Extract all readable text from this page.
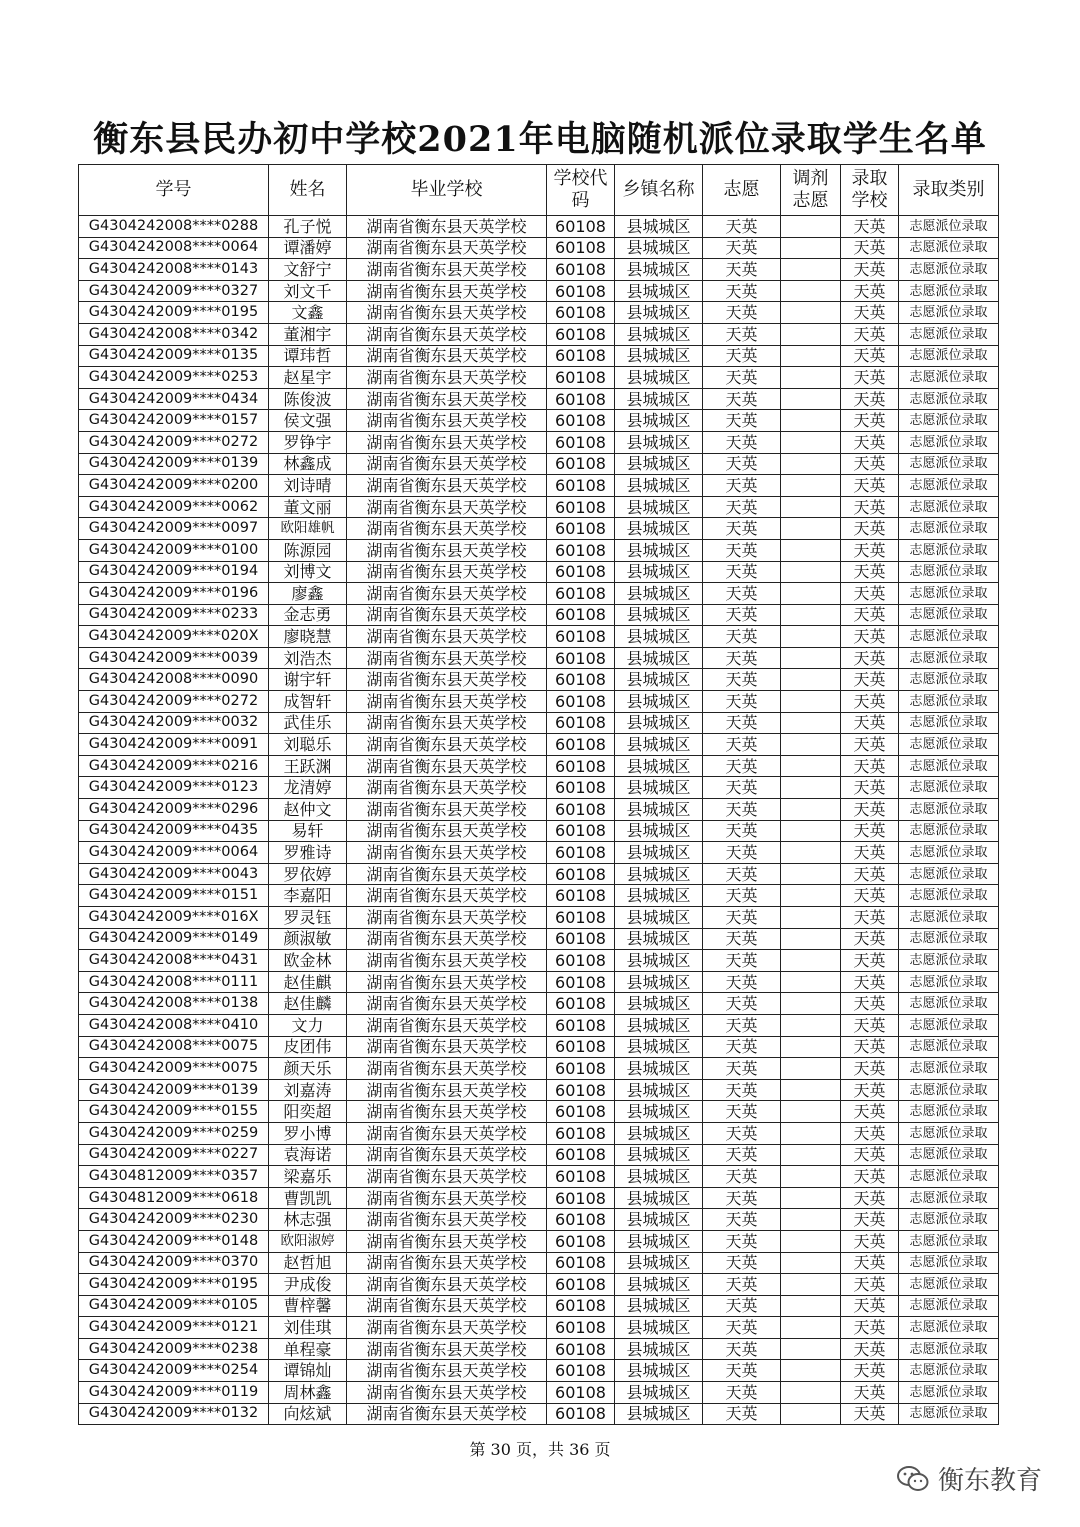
衡东县民办初中学校2021年电脑随机派位录取学生名单
学号	姓名	毕业学校	学校代码	乡镇名称	志愿	调剂志愿	录取学校	录取类别
G4304242008****0288	孔子悦	湖南省衡东县天英学校	60108	县城城区	天英		天英	志愿派位录取
G4304242008****0064	谭潘婷	湖南省衡东县天英学校	60108	县城城区	天英		天英	志愿派位录取
G4304242008****0143	文舒宁	湖南省衡东县天英学校	60108	县城城区	天英		天英	志愿派位录取
G4304242009****0327	刘文千	湖南省衡东县天英学校	60108	县城城区	天英		天英	志愿派位录取
G4304242009****0195	文鑫	湖南省衡东县天英学校	60108	县城城区	天英		天英	志愿派位录取
G4304242008****0342	董湘宇	湖南省衡东县天英学校	60108	县城城区	天英		天英	志愿派位录取
G4304242009****0135	谭玮哲	湖南省衡东县天英学校	60108	县城城区	天英		天英	志愿派位录取
G4304242009****0253	赵星宇	湖南省衡东县天英学校	60108	县城城区	天英		天英	志愿派位录取
G4304242009****0434	陈俊波	湖南省衡东县天英学校	60108	县城城区	天英		天英	志愿派位录取
G4304242009****0157	侯文强	湖南省衡东县天英学校	60108	县城城区	天英		天英	志愿派位录取
G4304242009****0272	罗铮宇	湖南省衡东县天英学校	60108	县城城区	天英		天英	志愿派位录取
G4304242009****0139	林鑫成	湖南省衡东县天英学校	60108	县城城区	天英		天英	志愿派位录取
G4304242009****0200	刘诗晴	湖南省衡东县天英学校	60108	县城城区	天英		天英	志愿派位录取
G4304242009****0062	董文丽	湖南省衡东县天英学校	60108	县城城区	天英		天英	志愿派位录取
G4304242009****0097	欧阳雄帆	湖南省衡东县天英学校	60108	县城城区	天英		天英	志愿派位录取
G4304242009****0100	陈源园	湖南省衡东县天英学校	60108	县城城区	天英		天英	志愿派位录取
G4304242009****0194	刘博文	湖南省衡东县天英学校	60108	县城城区	天英		天英	志愿派位录取
G4304242009****0196	廖鑫	湖南省衡东县天英学校	60108	县城城区	天英		天英	志愿派位录取
G4304242009****0233	金志勇	湖南省衡东县天英学校	60108	县城城区	天英		天英	志愿派位录取
G4304242009****020X	廖晓慧	湖南省衡东县天英学校	60108	县城城区	天英		天英	志愿派位录取
G4304242009****0039	刘浩杰	湖南省衡东县天英学校	60108	县城城区	天英		天英	志愿派位录取
G4304242008****0090	谢宇轩	湖南省衡东县天英学校	60108	县城城区	天英		天英	志愿派位录取
G4304242009****0272	成智轩	湖南省衡东县天英学校	60108	县城城区	天英		天英	志愿派位录取
G4304242009****0032	武佳乐	湖南省衡东县天英学校	60108	县城城区	天英		天英	志愿派位录取
G4304242009****0091	刘聪乐	湖南省衡东县天英学校	60108	县城城区	天英		天英	志愿派位录取
G4304242009****0216	王跃渊	湖南省衡东县天英学校	60108	县城城区	天英		天英	志愿派位录取
G4304242009****0123	龙清婷	湖南省衡东县天英学校	60108	县城城区	天英		天英	志愿派位录取
G4304242009****0296	赵仲文	湖南省衡东县天英学校	60108	县城城区	天英		天英	志愿派位录取
G4304242009****0435	易轩	湖南省衡东县天英学校	60108	县城城区	天英		天英	志愿派位录取
G4304242009****0064	罗雅诗	湖南省衡东县天英学校	60108	县城城区	天英		天英	志愿派位录取
G4304242009****0043	罗依婷	湖南省衡东县天英学校	60108	县城城区	天英		天英	志愿派位录取
G4304242009****0151	李嘉阳	湖南省衡东县天英学校	60108	县城城区	天英		天英	志愿派位录取
G4304242009****016X	罗灵钰	湖南省衡东县天英学校	60108	县城城区	天英		天英	志愿派位录取
G4304242009****0149	颜淑敏	湖南省衡东县天英学校	60108	县城城区	天英		天英	志愿派位录取
G4304242008****0431	欧金林	湖南省衡东县天英学校	60108	县城城区	天英		天英	志愿派位录取
G4304242008****0111	赵佳麒	湖南省衡东县天英学校	60108	县城城区	天英		天英	志愿派位录取
G4304242008****0138	赵佳麟	湖南省衡东县天英学校	60108	县城城区	天英		天英	志愿派位录取
G4304242008****0410	文力	湖南省衡东县天英学校	60108	县城城区	天英		天英	志愿派位录取
G4304242008****0075	皮团伟	湖南省衡东县天英学校	60108	县城城区	天英		天英	志愿派位录取
G4304242009****0075	颜天乐	湖南省衡东县天英学校	60108	县城城区	天英		天英	志愿派位录取
G4304242009****0139	刘嘉涛	湖南省衡东县天英学校	60108	县城城区	天英		天英	志愿派位录取
G4304242009****0155	阳奕超	湖南省衡东县天英学校	60108	县城城区	天英		天英	志愿派位录取
G4304242009****0259	罗小博	湖南省衡东县天英学校	60108	县城城区	天英		天英	志愿派位录取
G4304242009****0227	袁海诺	湖南省衡东县天英学校	60108	县城城区	天英		天英	志愿派位录取
G4304812009****0357	梁嘉乐	湖南省衡东县天英学校	60108	县城城区	天英		天英	志愿派位录取
G4304812009****0618	曹凯凯	湖南省衡东县天英学校	60108	县城城区	天英		天英	志愿派位录取
G4304242009****0230	林志强	湖南省衡东县天英学校	60108	县城城区	天英		天英	志愿派位录取
G4304242009****0148	欧阳淑婷	湖南省衡东县天英学校	60108	县城城区	天英		天英	志愿派位录取
G4304242009****0370	赵哲旭	湖南省衡东县天英学校	60108	县城城区	天英		天英	志愿派位录取
G4304242009****0195	尹成俊	湖南省衡东县天英学校	60108	县城城区	天英		天英	志愿派位录取
G4304242009****0105	曹梓馨	湖南省衡东县天英学校	60108	县城城区	天英		天英	志愿派位录取
G4304242009****0121	刘佳琪	湖南省衡东县天英学校	60108	县城城区	天英		天英	志愿派位录取
G4304242009****0238	单程豪	湖南省衡东县天英学校	60108	县城城区	天英		天英	志愿派位录取
G4304242009****0254	谭锦灿	湖南省衡东县天英学校	60108	县城城区	天英		天英	志愿派位录取
G4304242009****0119	周林鑫	湖南省衡东县天英学校	60108	县城城区	天英		天英	志愿派位录取
G4304242009****0132	向炫斌	湖南省衡东县天英学校	60108	县城城区	天英		天英	志愿派位录取
第 30 页，共 36 页
衡东教育
